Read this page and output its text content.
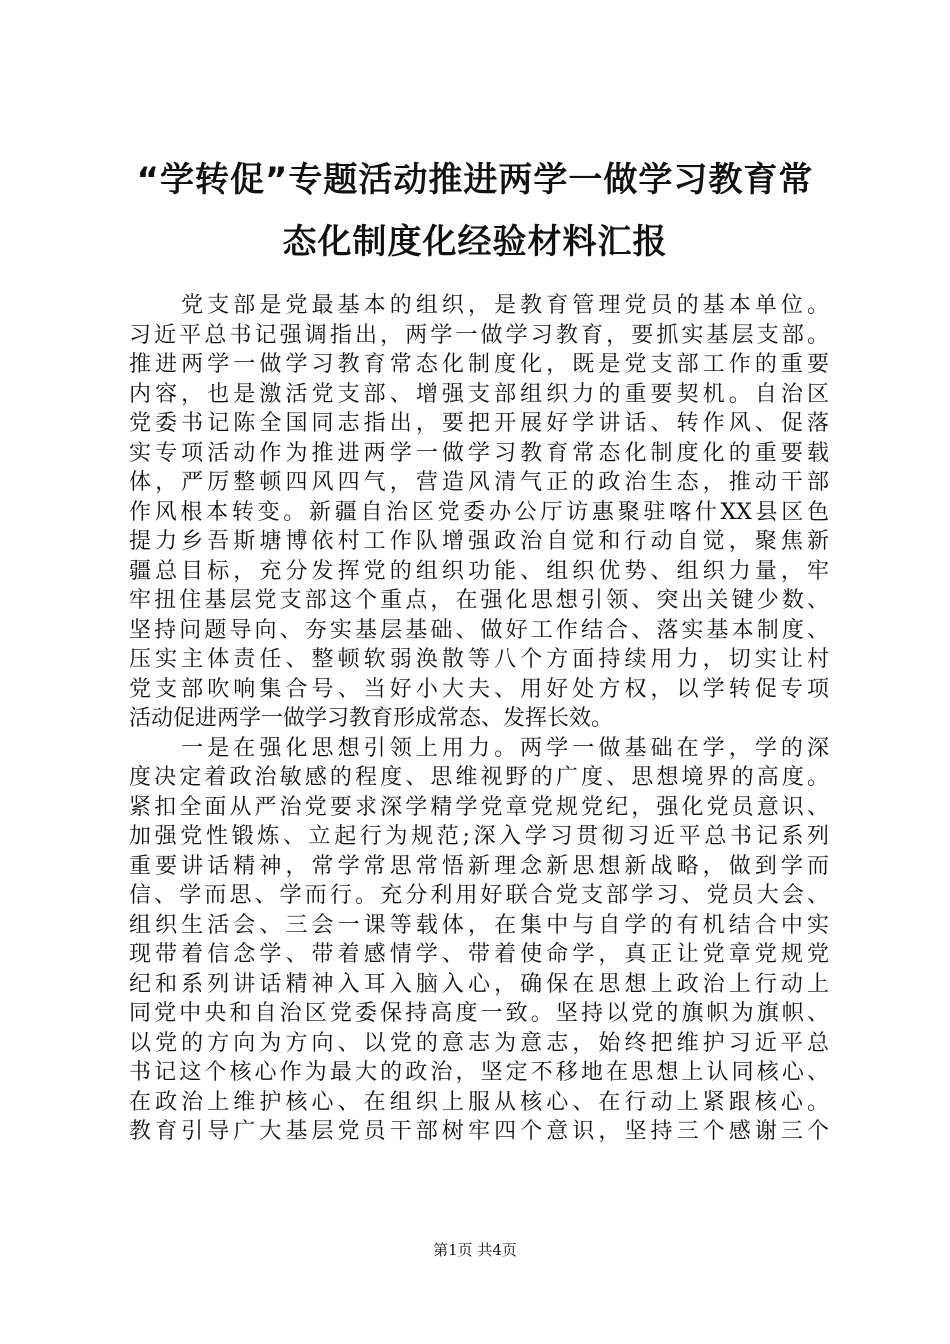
“学转促”专题活动推进两学一做学习教育常
态化制度化经验材料汇报
　　党支部是党最基本的组织，是教育管理党员的基本单位。
习近平总书记强调指出，两学一做学习教育，要抓实基层支部。
推进两学一做学习教育常态化制度化，既是党支部工作的重要
内容，也是激活党支部、增强支部组织力的重要契机。自治区
党委书记陈全国同志指出，要把开展好学讲话、转作风、促落
实专项活动作为推进两学一做学习教育常态化制度化的重要载
体，严厉整顿四风四气，营造风清气正的政治生态，推动干部
作风根本转变。新疆自治区党委办公厅访惠聚驻喀什XX县区色
提力乡吾斯塘博依村工作队增强政治自觉和行动自觉，聚焦新
疆总目标，充分发挥党的组织功能、组织优势、组织力量，牢
牢扭住基层党支部这个重点，在强化思想引领、突出关键少数、
坚持问题导向、夯实基层基础、做好工作结合、落实基本制度、
压实主体责任、整顿软弱涣散等八个方面持续用力，切实让村
党支部吹响集合号、当好小大夫、用好处方权，以学转促专项
活动促进两学一做学习教育形成常态、发挥长效。
　　一是在强化思想引领上用力。两学一做基础在学，学的深
度决定着政治敏感的程度、思维视野的广度、思想境界的高度。
紧扣全面从严治党要求深学精学党章党规党纪，强化党员意识、
加强党性锻炼、立起行为规范;深入学习贯彻习近平总书记系列
重要讲话精神，常学常思常悟新理念新思想新战略，做到学而
信、学而思、学而行。充分利用好联合党支部学习、党员大会、
组织生活会、三会一课等载体，在集中与自学的有机结合中实
现带着信念学、带着感情学、带着使命学，真正让党章党规党
纪和系列讲话精神入耳入脑入心，确保在思想上政治上行动上
同党中央和自治区党委保持高度一致。坚持以党的旗帜为旗帜、
以党的方向为方向、以党的意志为意志，始终把维护习近平总
书记这个核心作为最大的政治，坚定不移地在思想上认同核心、
在政治上维护核心、在组织上服从核心、在行动上紧跟核心。
教育引导广大基层党员干部树牢四个意识，坚持三个感谢三个
第1页 共4页
